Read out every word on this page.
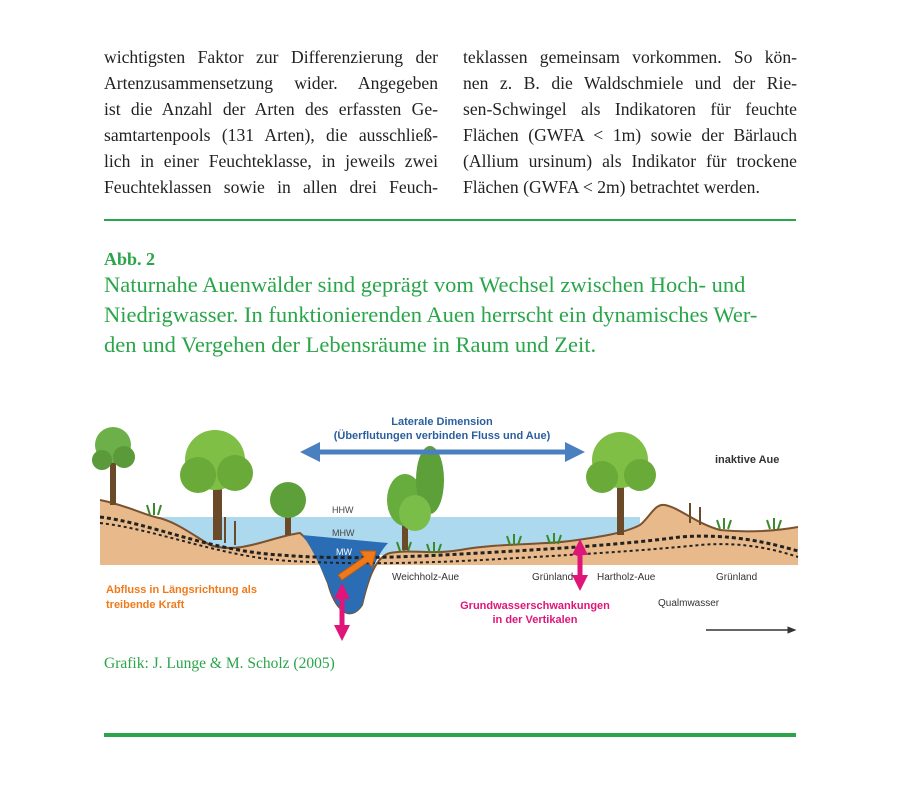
wichtigsten Faktor zur Differenzierung der
Artenzusammensetzung wider. Angegeben
ist die Anzahl der Arten des erfassten Ge-
samtartenpools (131 Arten), die ausschließ-
lich in einer Feuchteklasse, in jeweils zwei
Feuchteklassen sowie in allen drei Feuch-
teklassen gemeinsam vorkommen. So kön-
nen z. B. die Waldschmiele und der Rie-
sen-Schwingel als Indikatoren für feuchte
Flächen (GWFA < 1m) sowie der Bärlauch
(Allium ursinum) als Indikator für trockene
Flächen (GWFA < 2m) betrachtet werden.
Abb. 2
Naturnahe Auenwälder sind geprägt vom Wechsel zwischen Hoch- und
Niedrigwasser. In funktionierenden Auen herrscht ein dynamisches Wer-
den und Vergehen der Lebensräume in Raum und Zeit.
Laterale Dimension
(Überflutungen verbinden Fluss und Aue)
inaktive Aue
HHW
MHW
MW
Weichholz-Aue	Grünland Hartholz-Aue	Grünland
Qualmwasser
Abfluss in Längsrichtung als
treibende Kraft	Grundwasserschwankungen
in der Vertikalen
Grafik: J. Lunge & M. Scholz (2005)
